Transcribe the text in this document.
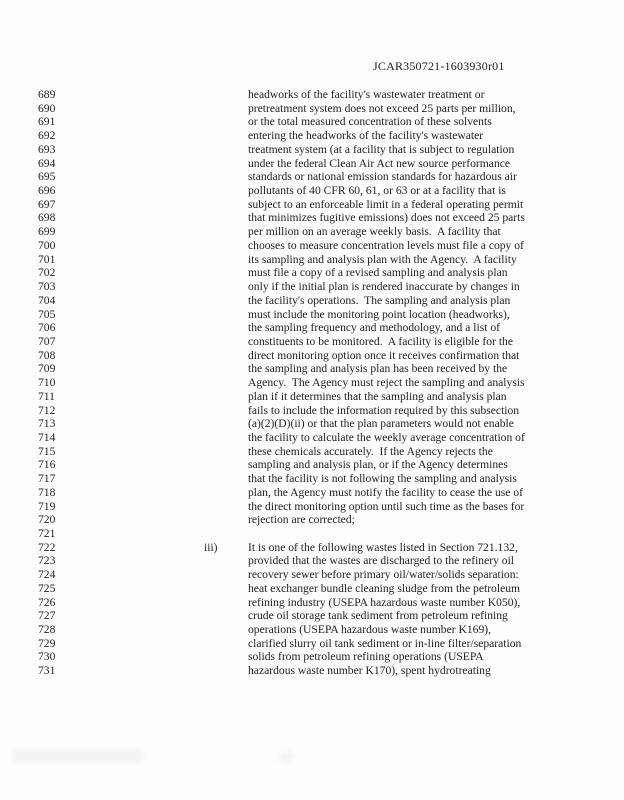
JCAR350721-1603930r01
689	headworks of the facility's wastewater treatment or
690	pretreatment system does not exceed 25 parts per million,
691	or the total measured concentration of these solvents
692	entering the headworks of the facility's wastewater
693	treatment system (at a facility that is subject to regulation
694	under the federal Clean Air Act new source performance
695	standards or national emission standards for hazardous air
696	pollutants of 40 CFR 60, 61, or 63 or at a facility that is
697	subject to an enforceable limit in a federal operating permit
698	that minimizes fugitive emissions) does not exceed 25 parts
699	per million on an average weekly basis.  A facility that
700	chooses to measure concentration levels must file a copy of
701	its sampling and analysis plan with the Agency.  A facility
702	must file a copy of a revised sampling and analysis plan
703	only if the initial plan is rendered inaccurate by changes in
704	the facility's operations.  The sampling and analysis plan
705	must include the monitoring point location (headworks),
706	the sampling frequency and methodology, and a list of
707	constituents to be monitored.  A facility is eligible for the
708	direct monitoring option once it receives confirmation that
709	the sampling and analysis plan has been received by the
710	Agency.  The Agency must reject the sampling and analysis
711	plan if it determines that the sampling and analysis plan
712	fails to include the information required by this subsection
713	(a)(2)(D)(ii) or that the plan parameters would not enable
714	the facility to calculate the weekly average concentration of
715	these chemicals accurately.  If the Agency rejects the
716	sampling and analysis plan, or if the Agency determines
717	that the facility is not following the sampling and analysis
718	plan, the Agency must notify the facility to cease the use of
719	the direct monitoring option until such time as the bases for
720	rejection are corrected;
721
722	iii)	It is one of the following wastes listed in Section 721.132,
723	provided that the wastes are discharged to the refinery oil
724	recovery sewer before primary oil/water/solids separation:
725	heat exchanger bundle cleaning sludge from the petroleum
726	refining industry (USEPA hazardous waste number K050),
727	crude oil storage tank sediment from petroleum refining
728	operations (USEPA hazardous waste number K169),
729	clarified slurry oil tank sediment or in-line filter/separation
730	solids from petroleum refining operations (USEPA
731	hazardous waste number K170), spent hydrotreating
